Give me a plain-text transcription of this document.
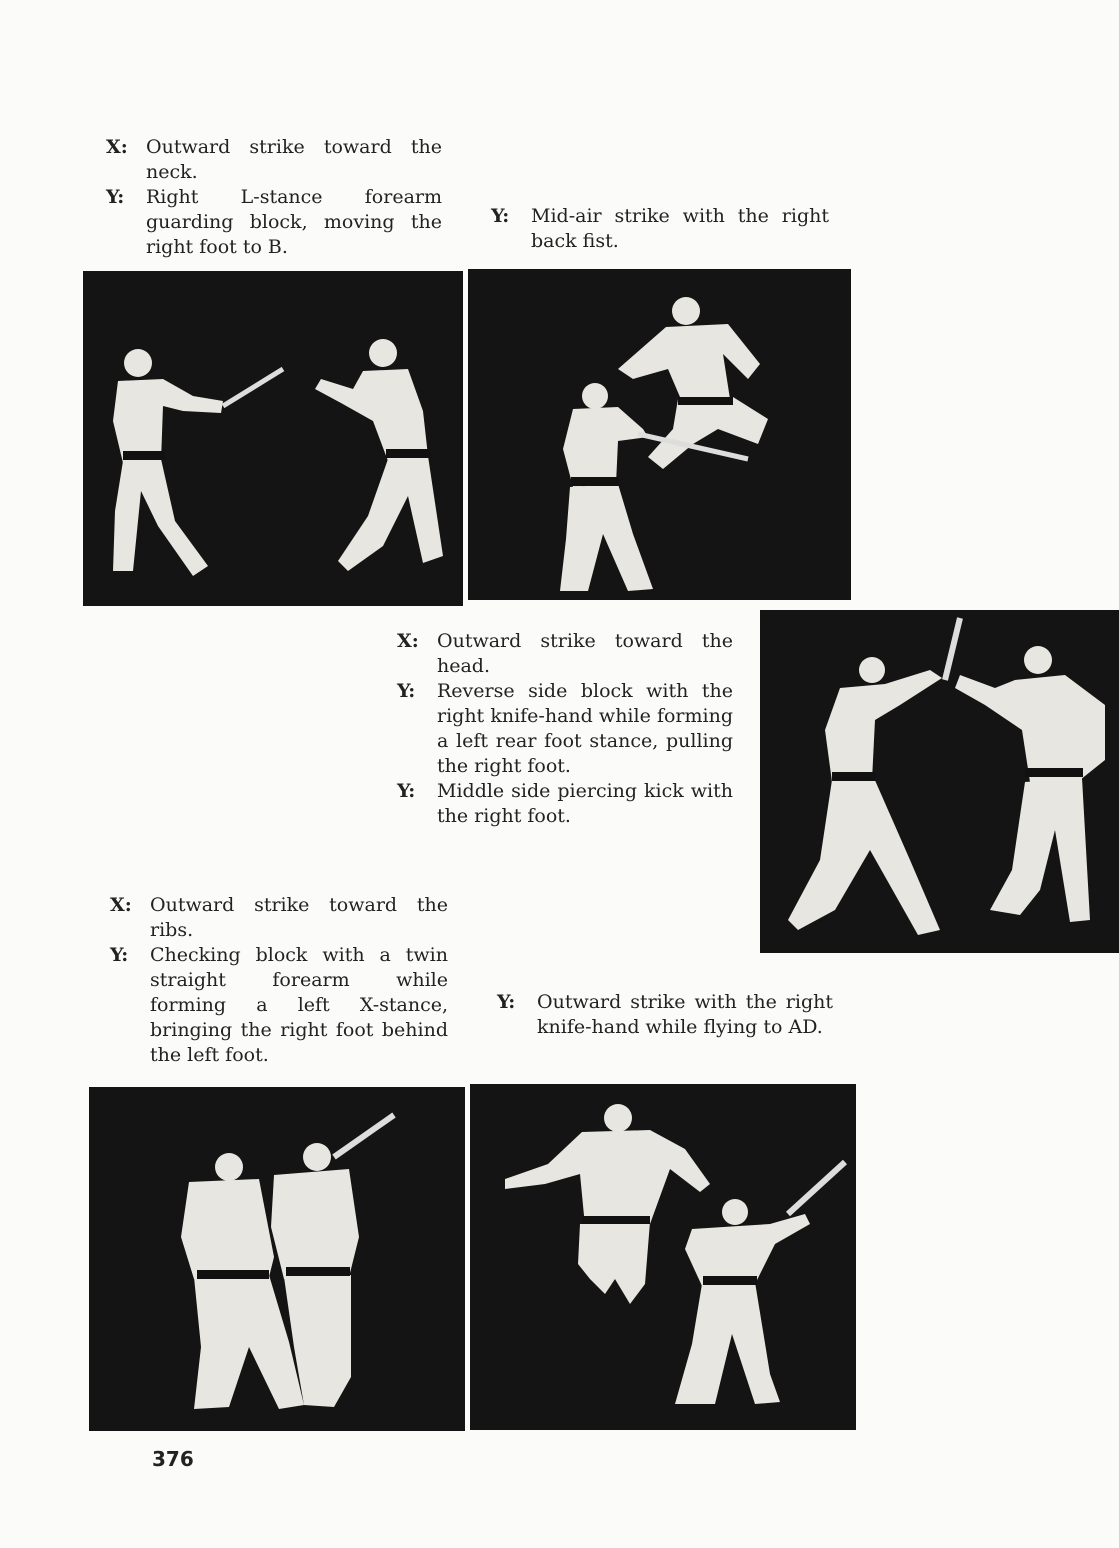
X: Outward strike toward the neck.
Y:	Right L-stance forearm guarding block, moving the right foot to B.
Y:	Mid-air strike with the right back fist.
X: Outward strike toward the head.
Y:	Reverse side block with the right knife-hand while forming a left rear foot stance, pulling the right foot.
Y:	Middle side piercing kick with the right foot.
X: Outward strike toward the ribs.
Y:	Checking block with a twin straight forearm while forming a left X-stance, bringing the right foot behind the left foot.
Y:	Outward strike with the right knife-hand while flying to AD.
376
